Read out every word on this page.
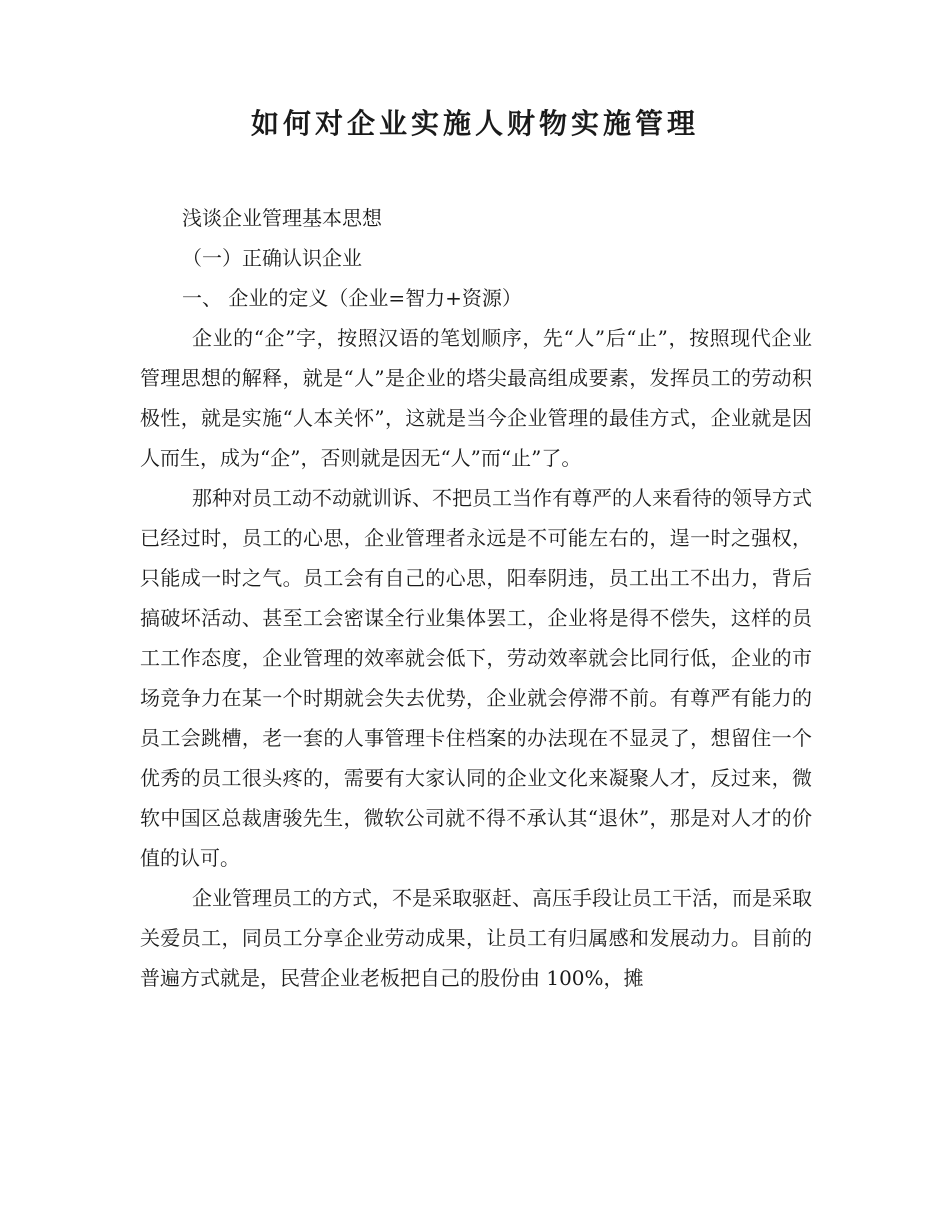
如何对企业实施人财物实施管理

浅谈企业管理基本思想

（一）正确认识企业

一、 企业的定义（企业=智力+资源）

企业的“企”字，按照汉语的笔划顺序，先“人”后“止”，按照现代企业管理思想的解释，就是“人”是企业的塔尖最高组成要素，发挥员工的劳动积极性，就是实施“人本关怀”，这就是当今企业管理的最佳方式，企业就是因人而生，成为“企”，否则就是因无“人”而“止”了。

那种对员工动不动就训诉、不把员工当作有尊严的人来看待的领导方式已经过时，员工的心思，企业管理者永远是不可能左右的，逞一时之强权，只能成一时之气。员工会有自己的心思，阳奉阴违，员工出工不出力，背后搞破坏活动、甚至工会密谋全行业集体罢工，企业将是得不偿失，这样的员工工作态度，企业管理的效率就会低下，劳动效率就会比同行低，企业的市场竞争力在某一个时期就会失去优势，企业就会停滞不前。有尊严有能力的员工会跳槽，老一套的人事管理卡住档案的办法现在不显灵了，想留住一个优秀的员工很头疼的，需要有大家认同的企业文化来凝聚人才，反过来，微软中国区总裁唐骏先生，微软公司就不得不承认其“退休”，那是对人才的价值的认可。

企业管理员工的方式，不是采取驱赶、高压手段让员工干活，而是采取关爱员工，同员工分享企业劳动成果，让员工有归属感和发展动力。目前的普遍方式就是，民营企业老板把自己的股份由 100%，摊
